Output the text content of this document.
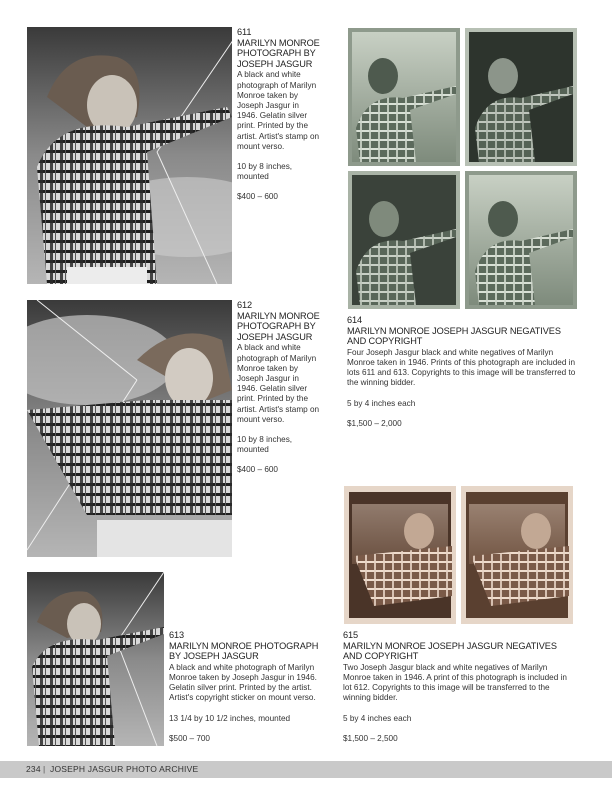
611
MARILYN MONROE PHOTOGRAPH BY JOSEPH JASGUR
A black and white photograph of Marilyn Monroe taken by Joseph Jasgur in 1946. Gelatin silver print. Printed by the artist. Artist's stamp on mount verso.
10 by 8 inches, mounted
$400 – 600
612
MARILYN MONROE PHOTOGRAPH BY JOSEPH JASGUR
A black and white photograph of Marilyn Monroe taken by Joseph Jasgur in 1946. Gelatin silver print. Printed by the artist. Artist's stamp on mount verso.
10 by 8 inches, mounted
$400 – 600
613
MARILYN MONROE PHOTOGRAPH BY JOSEPH JASGUR
A black and white photograph of Marilyn Monroe taken by Joseph Jasgur in 1946. Gelatin silver print. Printed by the artist. Artist's copyright sticker on mount verso.
13 1/4 by 10 1/2 inches, mounted
$500 – 700
614
MARILYN MONROE JOSEPH JASGUR NEGATIVES AND COPYRIGHT
Four Joseph Jasgur black and white negatives of Marilyn Monroe taken in 1946. Prints of this photograph are included in lots 611 and 613. Copyrights to this image will be transferred to the winning bidder.
5 by 4 inches each
$1,500 – 2,000
615
MARILYN MONROE JOSEPH JASGUR NEGATIVES AND COPYRIGHT
Two Joseph Jasgur black and white negatives of Marilyn Monroe taken in 1946. A print of this photograph is included in lot 612. Copyrights to this image will be transferred to the winning bidder.
5 by 4 inches each
$1,500 – 2,500
234 | JOSEPH JASGUR PHOTO ARCHIVE
